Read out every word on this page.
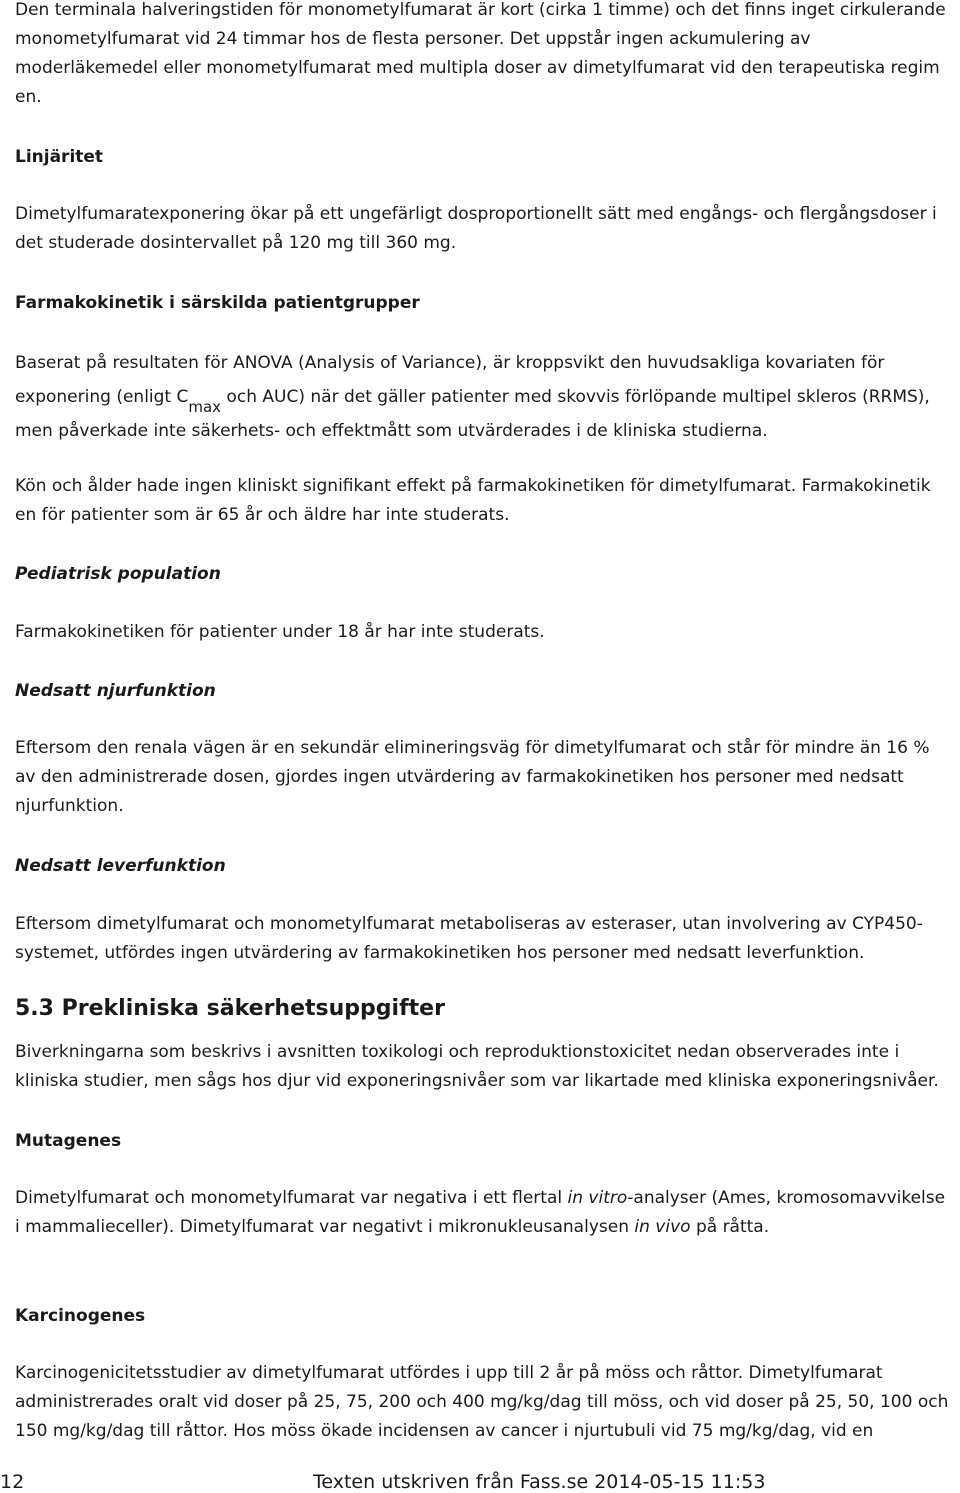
Den terminala halveringstiden för monometylfumarat är kort (cirka 1 timme) och det finns inget cirkulerande monometylfumarat vid 24 timmar hos de flesta personer. Det uppstår ingen ackumulering av moderläkemedel eller monometylfumarat med multipla doser av dimetylfumarat vid den terapeutiska regim en.

Linjäritet

Dimetylfumaratexponering ökar på ett ungefärligt dosproportionellt sätt med engångs- och flergångsdoser i det studerade dosintervallet på 120 mg till 360 mg.

Farmakokinetik i särskilda patientgrupper

Baserat på resultaten för ANOVA (Analysis of Variance), är kroppsvikt den huvudsakliga kovariaten för exponering (enligt Cmax och AUC) när det gäller patienter med skovvis förlöpande multipel skleros (RRMS), men påverkade inte säkerhets- och effektmått som utvärderades i de kliniska studierna.

Kön och ålder hade ingen kliniskt signifikant effekt på farmakokinetiken för dimetylfumarat. Farmakokinetik en för patienter som är 65 år och äldre har inte studerats.

Pediatrisk population

Farmakokinetiken för patienter under 18 år har inte studerats.

Nedsatt njurfunktion

Eftersom den renala vägen är en sekundär elimineringsväg för dimetylfumarat och står för mindre än 16 % av den administrerade dosen, gjordes ingen utvärdering av farmakokinetiken hos personer med nedsatt njurfunktion.

Nedsatt leverfunktion

Eftersom dimetylfumarat och monometylfumarat metaboliseras av esteraser, utan involvering av CYP450-systemet, utfördes ingen utvärdering av farmakokinetiken hos personer med nedsatt leverfunktion.

5.3 Prekliniska säkerhetsuppgifter

Biverkningarna som beskrivs i avsnitten toxikologi och reproduktionstoxicitet nedan observerades inte i kliniska studier, men sågs hos djur vid exponeringsnivåer som var likartade med kliniska exponeringsnivåer.

Mutagenes

Dimetylfumarat och monometylfumarat var negativa i ett flertal in vitro-analyser (Ames, kromosomavvikelse i mammalieceller). Dimetylfumarat var negativt i mikronukleusanalysen in vivo på råtta.

Karcinogenes

Karcinogenicitetsstudier av dimetylfumarat utfördes i upp till 2 år på möss och råttor. Dimetylfumarat administrerades oralt vid doser på 25, 75, 200 och 400 mg/kg/dag till möss, och vid doser på 25, 50, 100 och 150 mg/kg/dag till råttor. Hos möss ökade incidensen av cancer i njurtubuli vid 75 mg/kg/dag, vid en

12	Texten utskriven från Fass.se 2014-05-15 11:53
